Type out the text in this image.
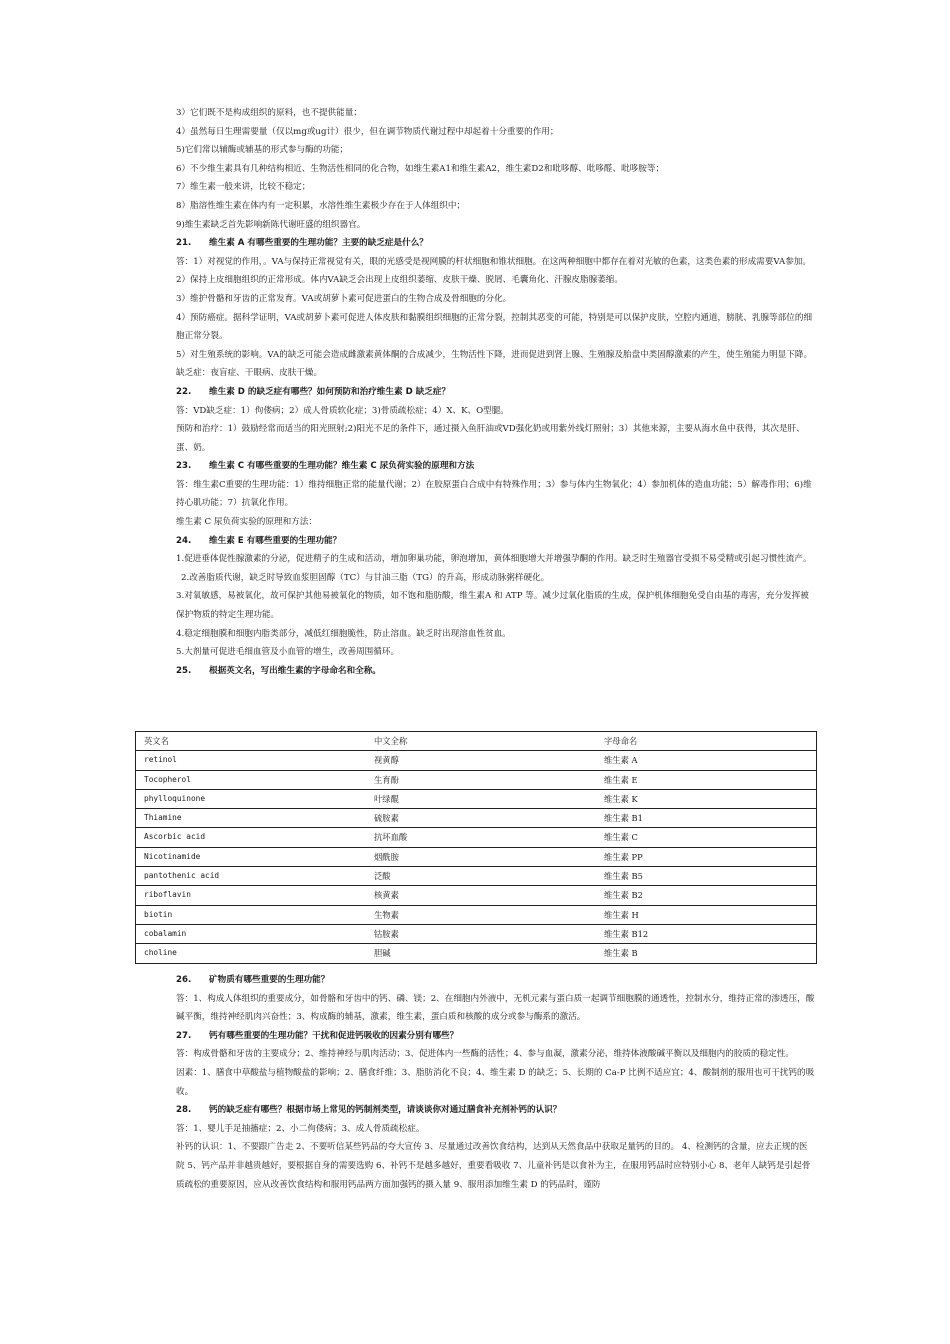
3）它们既不是构成组织的原料，也不提供能量；

4）虽然每日生理需要量（仅以mg或ug计）很少，但在调节物质代谢过程中却起着十分重要的作用；

5)它们常以辅酶或辅基的形式参与酶的功能；

6）不少维生素具有几种结构相近、生物活性相同的化合物，如维生素A1和维生素A2，维生素D2和吡哆醇、吡哆醛、吡哆胺等；

7）维生素一般来讲，比较不稳定；

8）脂溶性维生素在体内有一定积累，水溶性维生素极少存在于人体组织中；

9)维生素缺乏首先影响新陈代谢旺盛的组织器官。

21. 维生素 A 有哪些重要的生理功能？主要的缺乏症是什么？

答：1）对视觉的作用，。VA与保持正常视觉有关，眼的光感受是视网膜的杆状细胞和锥状细胞。在这两种细胞中都存在着对光敏的色素，这类色素的形成需要VA参加。

2）保持上皮细胞组织的正常形成。体内VA缺乏会出现上皮组织萎缩、皮肤干燥、脱屑、毛囊角化、汗腺皮脂腺萎缩。

3）维护骨骼和牙齿的正常发育。VA或胡萝卜素可促进蛋白的生物合成及骨细胞的分化。

4）预防癌症。据科学证明，VA或胡萝卜素可促进人体皮肤和黏膜组织细胞的正常分裂，控制其恶变的可能，特别是可以保护皮肤，空腔内通道，膀胱、乳腺等部位的细胞正常分裂。

5）对生殖系统的影响。VA的缺乏可能会造成雌激素黄体酮的合成减少，生物活性下降，进而促进到肾上腺、生殖腺及胎盘中类固醇激素的产生，使生殖能力明显下降。

缺乏症：夜盲症、干眼病、皮肤干燥。

22. 维生素 D 的缺乏症有哪些？如何预防和治疗维生素 D 缺乏症？

答：VD缺乏症：1）佝偻病；2）成人骨质软化症；3)骨质疏松症；4）X、K、O型腿。

预防和治疗：1）鼓励经常而适当的阳光照射;2)阳光不足的条件下，通过摄入鱼肝油或VD强化奶或用紫外线灯照射；3）其他来源，主要从海水鱼中获得，其次是肝、蛋、奶。

23. 维生素 C 有哪些重要的生理功能？维生素 C 尿负荷实验的原理和方法

答：维生素C重要的生理功能：1）维持细胞正常的能量代谢；2）在胶原蛋白合成中有特殊作用；3）参与体内生物氧化；4）参加机体的造血功能；5）解毒作用；6)维持心肌功能；7）抗氧化作用。

维生素 C 尿负荷实验的原理和方法：

24. 维生素 E 有哪些重要的生理功能？

1.促进垂体促性腺激素的分泌，促进精子的生成和活动，增加卵巢功能，卵泡增加，黄体细胞增大并增强孕酮的作用。缺乏时生殖器官受损不易受精或引起习惯性流产。

2.改善脂质代谢，缺乏时导致血浆胆固醇（TC）与甘油三脂（TG）的升高，形成动脉粥样硬化。

3.对氧敏感，易被氧化，故可保护其他易被氧化的物质，如不饱和脂肪酸，维生素A 和 ATP 等。减少过氧化脂质的生成，保护机体细胞免受自由基的毒害，充分发挥被保护物质的特定生理功能。

4.稳定细胞膜和细胞内脂类部分，减低红细胞脆性，防止溶血。缺乏时出现溶血性贫血。

5.大剂量可促进毛细血管及小血管的增生，改善周围循环。

25. 根据英文名，写出维生素的字母命名和全称。

英文名	中文全称	字母命名
retinol	视黄醇	维生素 A
Tocopherol	生育酚	维生素 E
phylloquinone	叶绿醌	维生素 K
Thiamine	硫胺素	维生素 B1
Ascorbic acid	抗坏血酸	维生素 C
Nicotinamide	烟酰胺	维生素 PP
pantothenic acid	泛酸	维生素 B5
riboflavin	核黄素	维生素 B2
biotin	生物素	维生素 H
cobalamin	钴胺素	维生素 B12
choline	胆碱	维生素 B

26. 矿物质有哪些重要的生理功能？

答：1、构成人体组织的重要成分，如骨骼和牙齿中的钙、磷、镁；2、在细胞内外液中，无机元素与蛋白质一起调节细胞膜的通透性，控制水分，维持正常的渗透压，酸碱平衡，维持神经肌肉兴奋性；3、构成酶的辅基，激素，维生素，蛋白质和核酸的成分或参与酶系的激活。

27. 钙有哪些重要的生理功能？干扰和促进钙吸收的因素分别有哪些？

答：构成骨骼和牙齿的主要成分；2、维持神经与肌肉活动；3、促进体内一些酶的活性；4、参与血凝，激素分泌，维持体液酸碱平衡以及细胞内的胶质的稳定性。

因素：1、膳食中草酸盐与植物酸盐的影响；2、膳食纤维；3、脂肪消化不良；4、维生素 D 的缺乏；5、长期的 Ca-P 比例不适应宜；4、酸制剂的服用也可干扰钙的吸收。

28. 钙的缺乏症有哪些？根据市场上常见的钙制剂类型，请谈谈你对通过膳食补充剂补钙的认识？

答：1、婴儿手足抽搐症；2、小二佝偻病；3、成人骨质疏松症。

补钙的认识：1、不要跟广告走 2、不要听信某些钙品的夸大宣传 3、尽量通过改善饮食结构，达到从天然食品中获取足量钙的目的。 4、检测钙的含量，应去正规的医院 5、钙产品并非越贵越好，要根据自身的需要选购 6、补钙不是越多越好，重要看吸收 7、儿童补钙是以食补为主，在服用钙品时应特别小心 8、老年人缺钙是引起骨质疏松的重要原因，应从改善饮食结构和服用钙品两方面加强钙的摄入量 9、服用添加维生素 D 的钙品时，谨防
